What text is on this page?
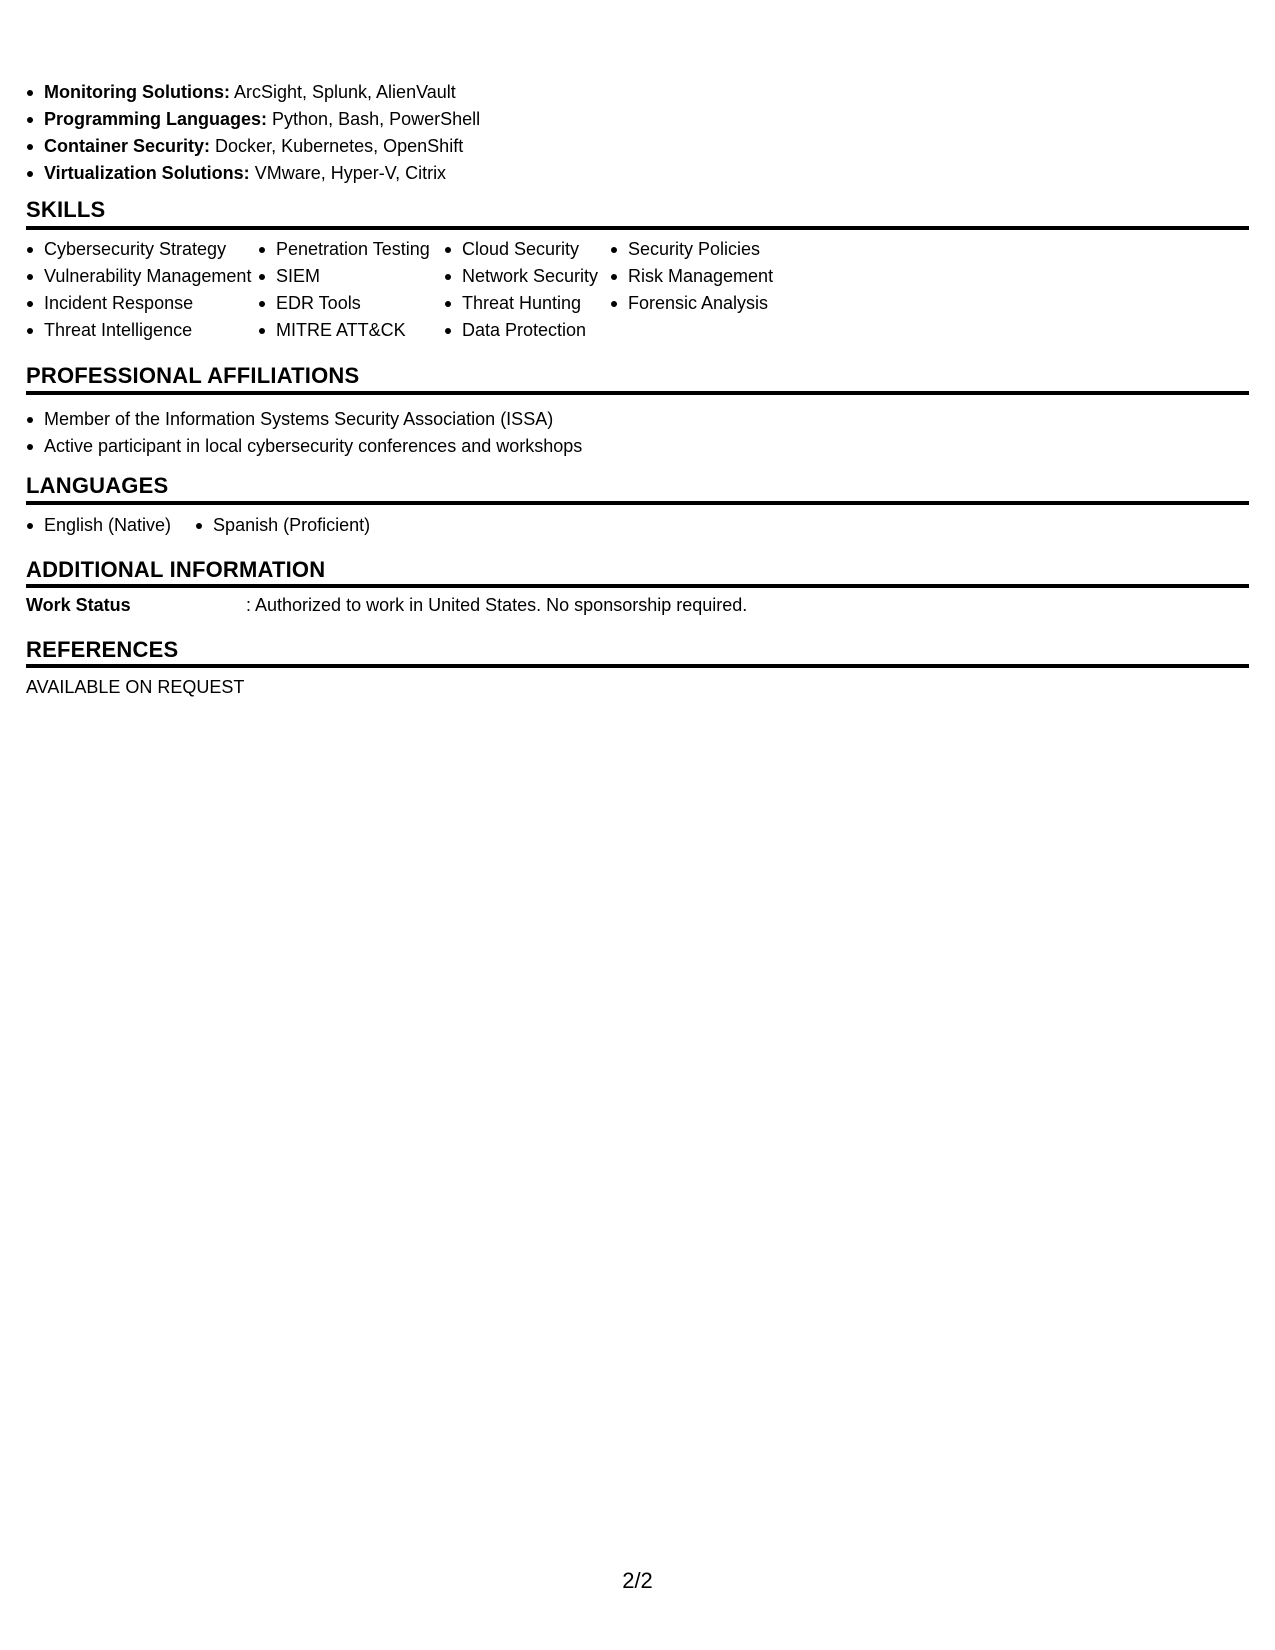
Monitoring Solutions: ArcSight, Splunk, AlienVault
Programming Languages: Python, Bash, PowerShell
Container Security: Docker, Kubernetes, OpenShift
Virtualization Solutions: VMware, Hyper-V, Citrix
SKILLS
Cybersecurity Strategy
Vulnerability Management
Incident Response
Threat Intelligence
Penetration Testing
SIEM
EDR Tools
MITRE ATT&CK
Cloud Security
Network Security
Threat Hunting
Data Protection
Security Policies
Risk Management
Forensic Analysis
PROFESSIONAL AFFILIATIONS
Member of the Information Systems Security Association (ISSA)
Active participant in local cybersecurity conferences and workshops
LANGUAGES
English (Native)	Spanish (Proficient)
ADDITIONAL INFORMATION
Work Status	: Authorized to work in United States. No sponsorship required.
REFERENCES
AVAILABLE ON REQUEST
2/2
